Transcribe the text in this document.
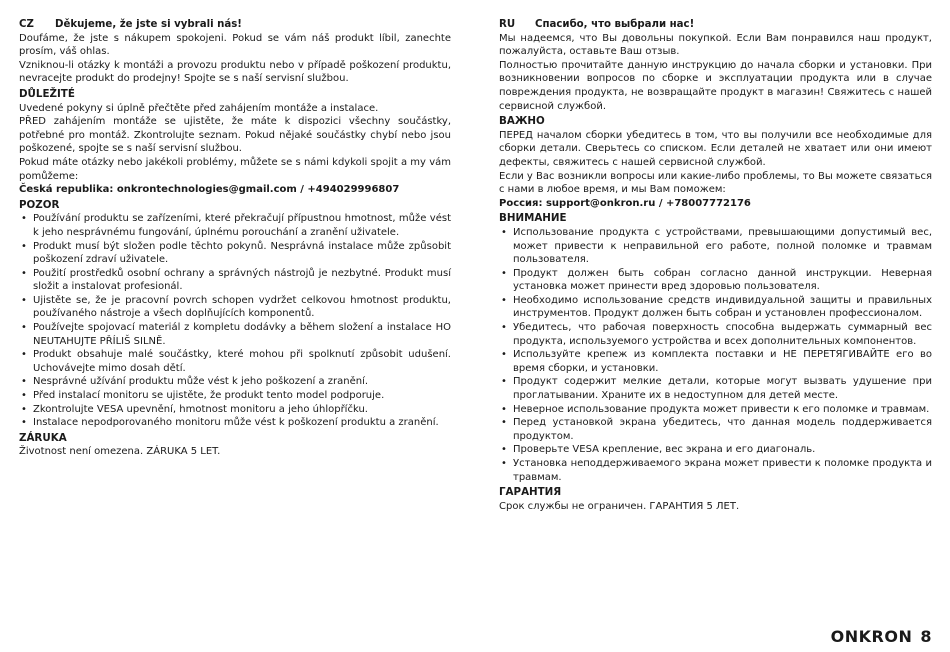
CZ Děkujeme, že jste si vybrali nás!

Doufáme, že jste s nákupem spokojeni. Pokud se vám náš produkt líbil, zanechte prosím, váš ohlas.

Vzniknou-li otázky k montáži a provozu produktu nebo v případě poškození produktu, nevracejte produkt do prodejny! Spojte se s naší servisní službou.

DŮLEŽITÉ

Uvedené pokyny si úplně přečtěte před zahájením montáže a instalace.

PŘED zahájením montáže se ujistěte, že máte k dispozici všechny součástky, potřebné pro montáž. Zkontrolujte seznam. Pokud nějaké součástky chybí nebo jsou poškozené, spojte se s naší servisní službou.

Pokud máte otázky nebo jakékoli problémy, můžete se s námi kdykoli spojit a my vám pomůžeme:

Česká republika: onkrontechnologies@gmail.com / +494029996807
POZOR
• Používání produktu se zařízeními, které překračují přípustnou hmotnost, může vést k jeho nesprávnému fungování, úplnému porouchání a zranění uživatele.
• Produkt musí být složen podle těchto pokynů. Nesprávná instalace může způsobit poškození zdraví uživatele.
• Použití prostředků osobní ochrany a správných nástrojů je nezbytné. Produkt musí složit a instalovat profesionál.
• Ujistěte se, že je pracovní povrch schopen vydržet celkovou hmotnost produktu, používaného nástroje a všech doplňujících komponentů.
• Používejte spojovací materiál z kompletu dodávky a během složení a instalace HO NEUTAHUJTE PŘÍLIŠ SILNĚ.
• Produkt obsahuje malé součástky, které mohou při spolknutí způsobit udušení. Uchovávejte mimo dosah dětí.
• Nesprávné užívání produktu může vést k jeho poškození a zranění.
• Před instalací monitoru se ujistěte, že produkt tento model podporuje.
• Zkontrolujte VESA upevnění, hmotnost monitoru a jeho úhlopříčku.
• Instalace nepodporovaného monitoru může vést k poškození produktu a zranění.
ZÁRUKA

Životnost není omezena. ZÁRUKA 5 LET.

RU Спасибо, что выбрали нас!

Мы надеемся, что Вы довольны покупкой. Если Вам понравился наш продукт, пожалуйста, оставьте Ваш отзыв.

Полностью прочитайте данную инструкцию до начала сборки и установки. При возникновении вопросов по сборке и эксплуатации продукта или в случае повреждения продукта, не возвращайте продукт в магазин! Свяжитесь с нашей сервисной службой.

ВАЖНО

ПЕРЕД началом сборки убедитесь в том, что вы получили все необходимые для сборки детали. Сверьтесь со списком. Если деталей не хватает или они имеют дефекты, свяжитесь с нашей сервисной службой.

Если у Вас возникли вопросы или какие-либо проблемы, то Вы можете связаться с нами в любое время, и мы Вам поможем:

Россия: support@onkron.ru / +78007772176
ВНИМАНИЕ
• Использование продукта с устройствами, превышающими допустимый вес, может привести к неправильной его работе, полной поломке и травмам пользователя.
• Продукт должен быть собран согласно данной инструкции. Неверная установка может принести вред здоровью пользователя.
• Необходимо использование средств индивидуальной защиты и правильных инструментов. Продукт должен быть собран и установлен профессионалом.
• Убедитесь, что рабочая поверхность способна выдержать суммарный вес продукта, используемого устройства и всех дополнительных компонентов.
• Используйте крепеж из комплекта поставки и НЕ ПЕРЕТЯГИВАЙТЕ его во время сборки, и установки.
• Продукт содержит мелкие детали, которые могут вызвать удушение при проглатывании. Храните их в недоступном для детей месте.
• Неверное использование продукта может привести к его поломке и травмам.
• Перед установкой экрана убедитесь, что данная модель поддерживается продуктом.
• Проверьте VESA крепление, вес экрана и его диагональ.
• Установка неподдерживаемого экрана может привести к поломке продукта и травмам.
ГАРАНТИЯ

Срок службы не ограничен. ГАРАНТИЯ 5 ЛЕТ.

ONKRON 8
